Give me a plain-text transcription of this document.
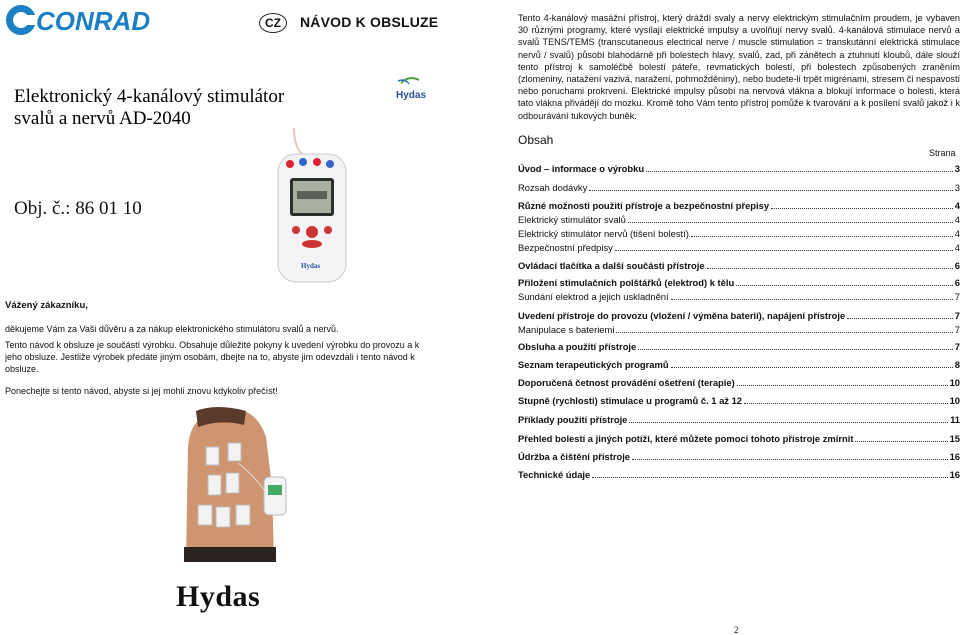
CONRAD	CZ	NÁVOD K OBSLUZE
Elektronický 4-kanálový stimulátor svalů a nervů AD-2040
Hydas
Hydas
Obj. č.: 86 01 10
Vážený zákazníku,
děkujeme Vám za Vaši důvěru a za nákup elektronického stimulátoru svalů a nervů.
Tento návod k obsluze je součástí výrobku. Obsahuje důležité pokyny k uvedení výrobku do provozu a k jeho obsluze. Jestliže výrobek předáte jiným osobám, dbejte na to, abyste jim odevzdali i tento návod k obsluze.
Ponechejte si tento návod, abyste si jej mohli znovu kdykoliv přečíst!
Hydas
2
Tento 4-kanálový masážní přístroj, který dráždí svaly a nervy elektrickým stimulačním proudem, je vybaven 30 různými programy, které vysílají elektrické impulsy a uvolňují nervy svalů. 4-kanálová stimulace nervů a svalů TENS/TEMS (transcutaneous electrical nerve / muscle stimulation = transkutánní elektrická stimulace nervů / svalů) působí blahodárně při bolestech hlavy, svalů, zad, při zánětech a ztuhnutí kloubů, dále slouží tento přístroj k samoléčbě bolestí páteře, revmatických bolestí, při bolestech způsobených zraněním (zlomeniny, natažení vazivá, naražení, pohmožděniny), nebo budete-li trpět migrénami, stresem či nespavostí nebo poruchami prokrvení. Elektrické impulsy působí na nervová vlákna a blokují informace o bolesti, která tato vlákna přivádějí do mozku. Kromě toho Vám tento přístroj pomůže k tvarování a k posílení svalů jakož i k odbourávání tukových buněk.
Obsah
Strana
Úvod – informace o výrobku	3
Rozsah dodávky	3
Různé možnosti použití přístroje a bezpečnostní přepisy	4
Elektrický stimulátor svalů	4
Elektrický stimulátor nervů (tišení bolestí)	4
Bezpečnostní předpisy	4
Ovládací tlačítka a další součásti přístroje	6
Přiložení stimulačních polštářků (elektrod) k tělu	6
Sundání elektrod a jejich uskladnění	7
Uvedení přístroje do provozu (vložení / výměna baterií), napájení přístroje	7
Manipulace s bateriemi	7
Obsluha a použití přístroje	7
Seznam terapeutických programů	8
Doporučená četnost provádění ošetření (terapie)	10
Stupně (rychlosti) stimulace u programů č. 1 až 12	10
Příklady použití přístroje	11
Přehled bolestí a jiných potíží, které můžete pomocí tohoto přístroje zmírnit	15
Údržba a čištění přístroje	16
Technické údaje	16
